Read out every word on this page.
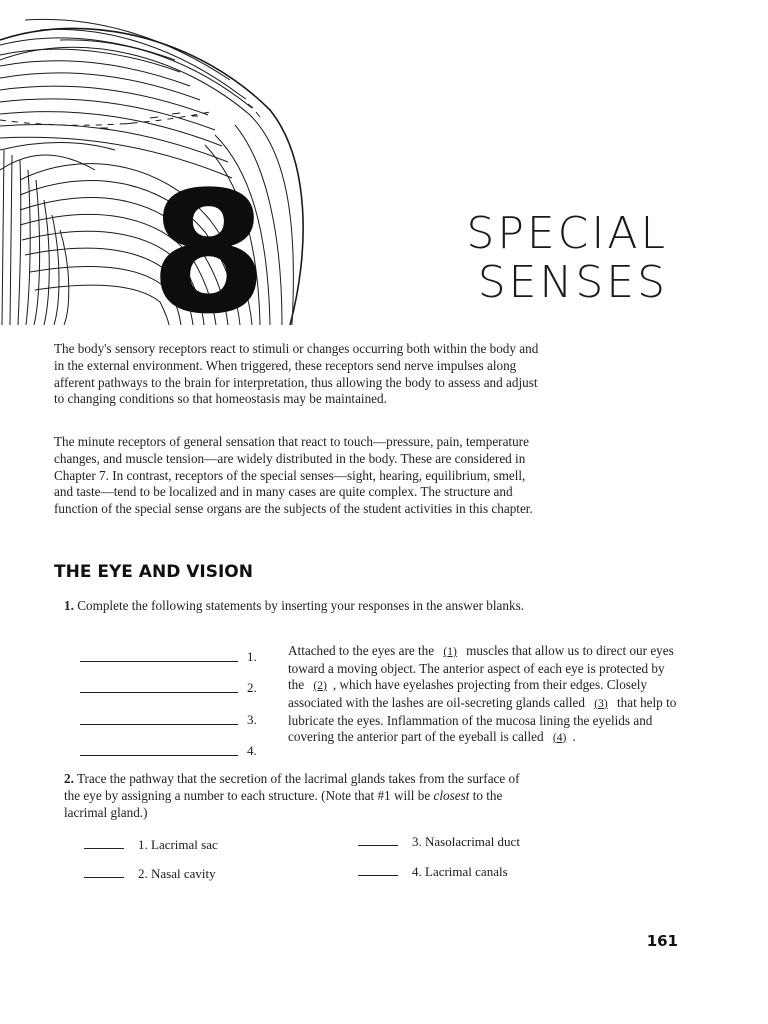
8	SPECIAL
SENSES

The body's sensory receptors react to stimuli or changes occurring both within the body and in the external environment. When triggered, these receptors send nerve impulses along afferent pathways to the brain for interpretation, thus allowing the body to assess and adjust to changing conditions so that homeostasis may be maintained.

The minute receptors of general sensation that react to touch—pressure, pain, temperature changes, and muscle tension—are widely distributed in the body. These are considered in Chapter 7. In contrast, receptors of the special senses—sight, hearing, equilibrium, smell, and taste—tend to be localized and in many cases are quite complex. The structure and function of the special sense organs are the subjects of the student activities in this chapter.

THE EYE AND VISION
1. Complete the following statements by inserting your responses in the answer blanks.
1.
2.
3.
4.
Attached to the eyes are the (1) muscles that allow us to direct our eyes toward a moving object. The anterior aspect of each eye is protected by the (2) , which have eyelashes projecting from their edges. Closely associated with the lashes are oil-secreting glands called (3) that help to lubricate the eyes. Inflammation of the mucosa lining the eyelids and covering the anterior part of the eyeball is called (4) .
2. Trace the pathway that the secretion of the lacrimal glands takes from the surface of the eye by assigning a number to each structure. (Note that #1 will be closest to the lacrimal gland.)
1. Lacrimal sac
2. Nasal cavity
3. Nasolacrimal duct
4. Lacrimal canals
161
